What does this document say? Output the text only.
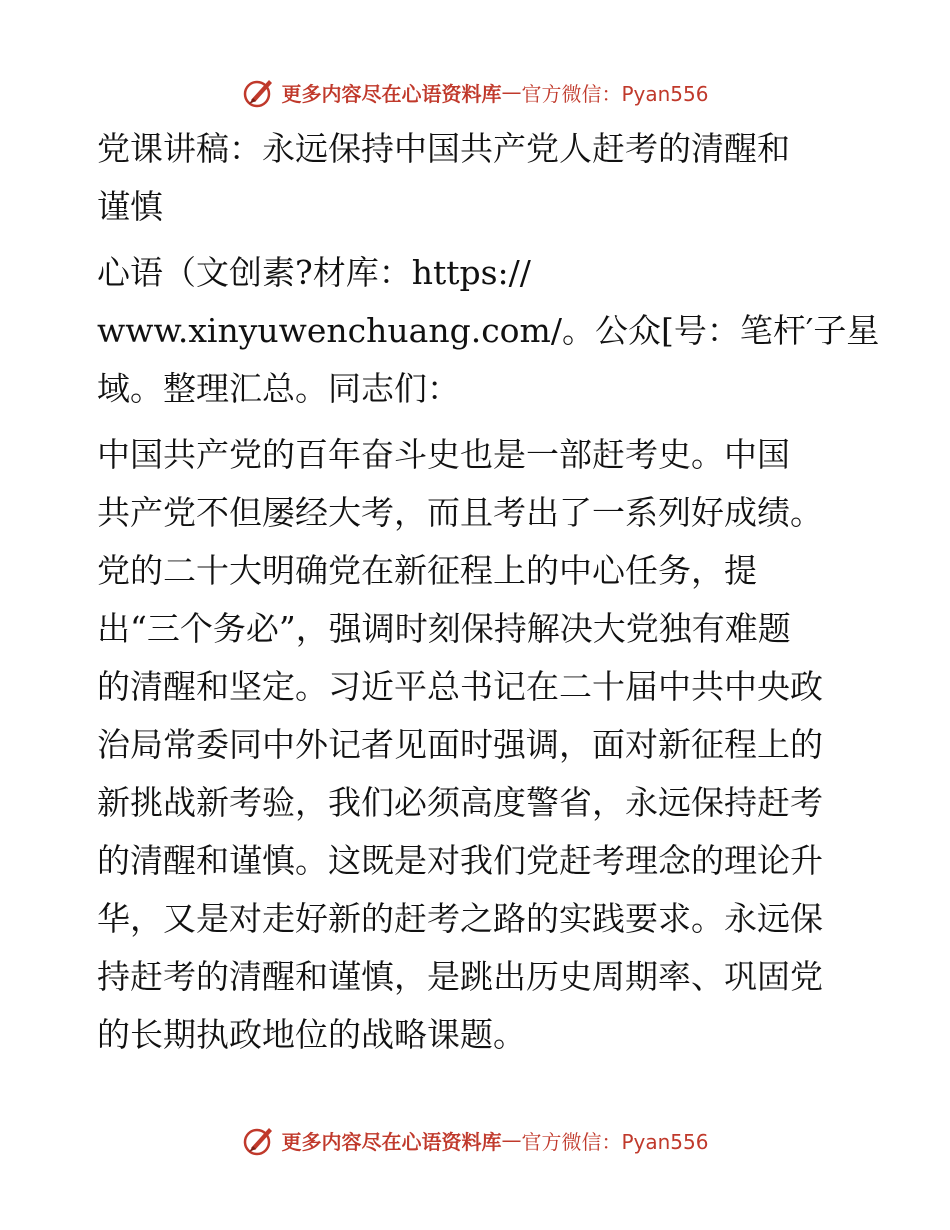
更多内容尽在心语资料库 — 官方微信：Pyan556
党课讲稿：永远保持中国共产党人赶考的清醒和
谨慎
心语（文创素?材库：https://
www.xinyuwenchuang.com/。公众[号：笔杆′子星
域。整理汇总。同志们：
中国共产党的百年奋斗史也是一部赶考史。中国
共产党不但屡经大考，而且考出了一系列好成绩。
党的二十大明确党在新征程上的中心任务，提
出“三个务必”，强调时刻保持解决大党独有难题
的清醒和坚定。习近平总书记在二十届中共中央政
治局常委同中外记者见面时强调，面对新征程上的
新挑战新考验，我们必须高度警省，永远保持赶考
的清醒和谨慎。这既是对我们党赶考理念的理论升
华，又是对走好新的赶考之路的实践要求。永远保
持赶考的清醒和谨慎，是跳出历史周期率、巩固党
的长期执政地位的战略课题。
更多内容尽在心语资料库 — 官方微信：Pyan556
